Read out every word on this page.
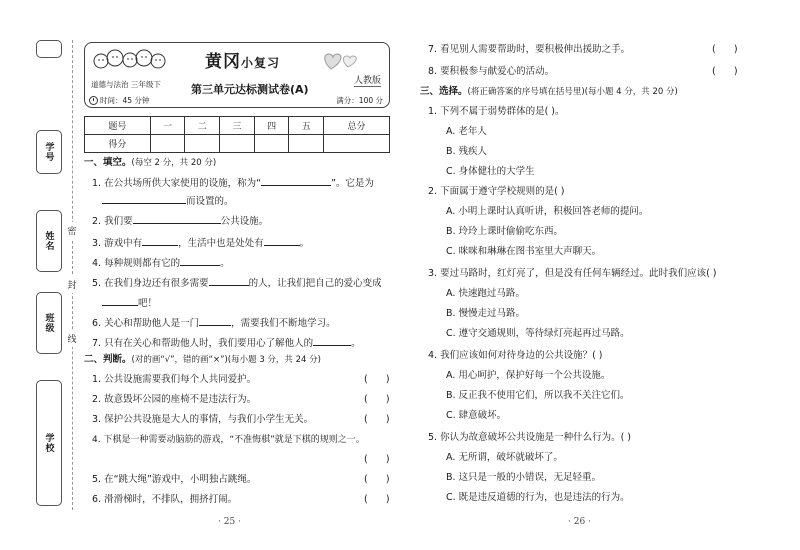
学号
姓名
班级
学校
密
封
线
黄冈小复习
道德与法治 三年级下
时间：45 分钟
第三单元达标测试卷(A)
人教版
满分：100 分
题号	一	二	三	四	五	总分
得分						
一、填空。(每空 2 分，共 20 分)
1. 在公共场所供大家使用的设施，称为“	”。它是为
而设置的。
2. 我们要	公共设施。
3. 游戏中有	，生活中也是处处有	。
4. 每种规则都有它的	。
5. 在我们身边还有很多需要	的人，让我们把自己的爱心变成
吧！
6. 关心和帮助他人是一门	，需要我们不断地学习。
7. 只有在关心和帮助他人时，我们要用心了解他人的	。
二、判断。(对的画“√”，错的画“×”)(每小题 3 分，共 24 分)
1. 公共设施需要我们每个人共同爱护。	(      )
2. 故意毁坏公园的座椅不是违法行为。	(      )
3. 保护公共设施是大人的事情，与我们小学生无关。	(      )
4. 下棋是一种需要动脑筋的游戏，“不准悔棋”就是下棋的规则之一。
(      )
5. 在“跳大绳”游戏中，小明独占跳绳。	(      )
6. 滑滑梯时，不排队，拥挤打闹。	(      )
7. 看见别人需要帮助时，要积极伸出援助之手。	(      )
8. 要积极参与献爱心的活动。	(      )
三、选择。(将正确答案的序号填在括号里)(每小题 4 分，共 20 分)
1. 下列不属于弱势群体的是( )。
A. 老年人
B. 残疾人
C. 身体健壮的大学生
2. 下面属于遵守学校规则的是( )
A. 小明上课时认真听讲，积极回答老师的提问。
B. 玲玲上课时偷偷吃东西。
C. 咪咪和琳琳在图书室里大声聊天。
3. 要过马路时，红灯亮了，但是没有任何车辆经过。此时我们应该( )
A. 快速跑过马路。
B. 慢慢走过马路。
C. 遵守交通规则，等待绿灯亮起再过马路。
4. 我们应该如何对待身边的公共设施？( )
A. 用心呵护，保护好每一个公共设施。
B. 反正我不使用它们，所以我不关注它们。
C. 肆意破坏。
5. 你认为故意破坏公共设施是一种什么行为。( )
A. 无所谓，破坏就破坏了。
B. 这只是一般的小错误，无足轻重。
C. 既是违反道德的行为，也是违法的行为。
· 25 ·	· 26 ·
